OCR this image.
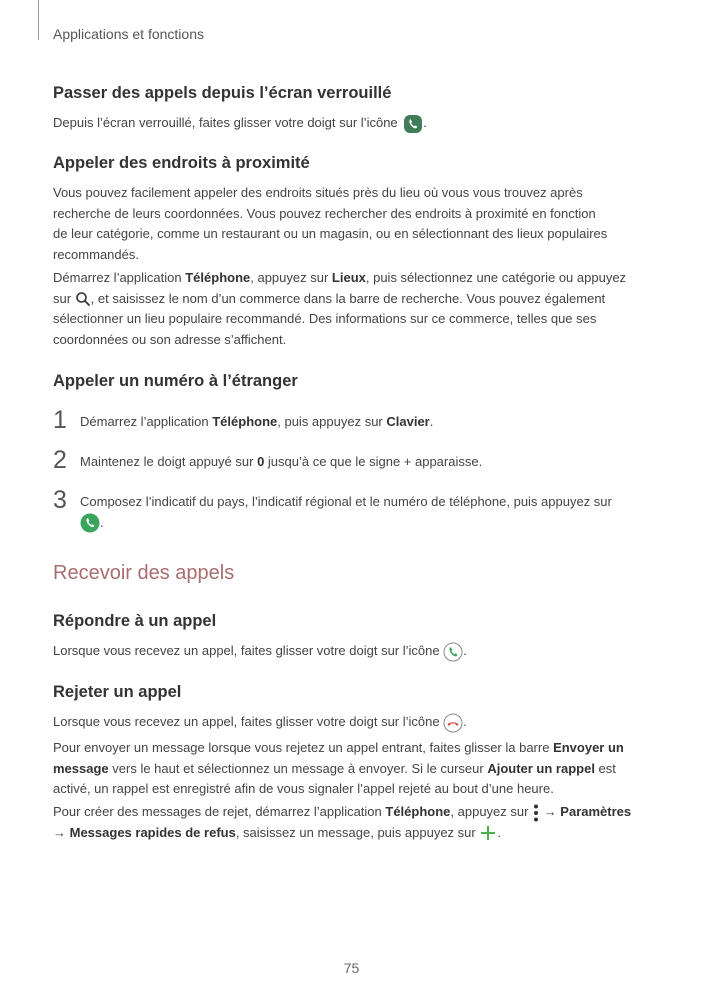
Applications et fonctions
Passer des appels depuis l’écran verrouillé
Depuis l’écran verrouillé, faites glisser votre doigt sur l’icône .
Appeler des endroits à proximité
Vous pouvez facilement appeler des endroits situés près du lieu où vous vous trouvez après
recherche de leurs coordonnées. Vous pouvez rechercher des endroits à proximité en fonction
de leur catégorie, comme un restaurant ou un magasin, ou en sélectionnant des lieux populaires
recommandés.
Démarrez l’application Téléphone, appuyez sur Lieux, puis sélectionnez une catégorie ou appuyez
sur , et saisissez le nom d’un commerce dans la barre de recherche. Vous pouvez également
sélectionner un lieu populaire recommandé. Des informations sur ce commerce, telles que ses
coordonnées ou son adresse s’affichent.
Appeler un numéro à l’étranger
1 Démarrez l’application Téléphone, puis appuyez sur Clavier.
2 Maintenez le doigt appuyé sur 0 jusqu’à ce que le signe + apparaisse.
3 Composez l’indicatif du pays, l’indicatif régional et le numéro de téléphone, puis appuyez sur
.
Recevoir des appels
Répondre à un appel
Lorsque vous recevez un appel, faites glisser votre doigt sur l’icône .
Rejeter un appel
Lorsque vous recevez un appel, faites glisser votre doigt sur l’icône .
Pour envoyer un message lorsque vous rejetez un appel entrant, faites glisser la barre Envoyer un
message vers le haut et sélectionnez un message à envoyer. Si le curseur Ajouter un rappel est
activé, un rappel est enregistré afin de vous signaler l’appel rejeté au bout d’une heure.
Pour créer des messages de rejet, démarrez l’application Téléphone, appuyez sur  → Paramètres
→ Messages rapides de refus, saisissez un message, puis appuyez sur .
75
